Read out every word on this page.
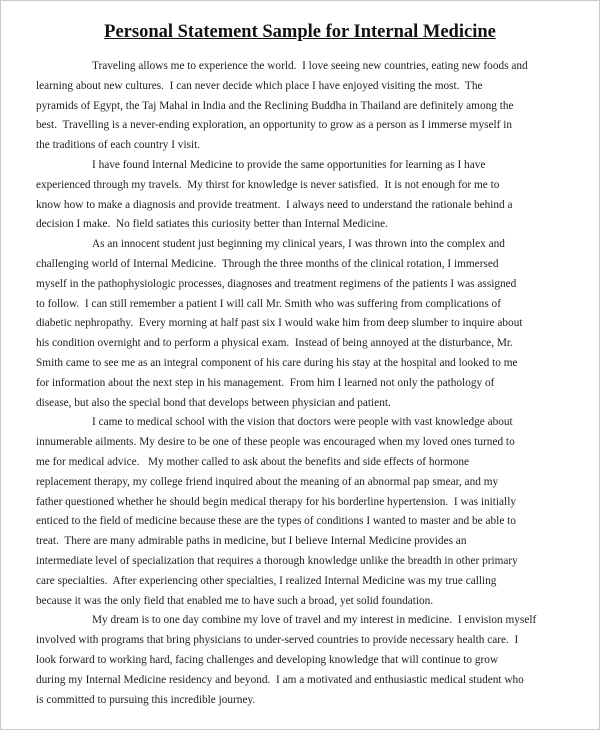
Personal Statement Sample for Internal Medicine
Traveling allows me to experience the world.  I love seeing new countries, eating new foods and
learning about new cultures.  I can never decide which place I have enjoyed visiting the most.  The
pyramids of Egypt, the Taj Mahal in India and the Reclining Buddha in Thailand are definitely among the
best.  Travelling is a never-ending exploration, an opportunity to grow as a person as I immerse myself in
the traditions of each country I visit.
I have found Internal Medicine to provide the same opportunities for learning as I have
experienced through my travels.  My thirst for knowledge is never satisfied.  It is not enough for me to
know how to make a diagnosis and provide treatment.  I always need to understand the rationale behind a
decision I make.  No field satiates this curiosity better than Internal Medicine.
As an innocent student just beginning my clinical years, I was thrown into the complex and
challenging world of Internal Medicine.  Through the three months of the clinical rotation, I immersed
myself in the pathophysiologic processes, diagnoses and treatment regimens of the patients I was assigned
to follow.  I can still remember a patient I will call Mr. Smith who was suffering from complications of
diabetic nephropathy.  Every morning at half past six I would wake him from deep slumber to inquire about
his condition overnight and to perform a physical exam.  Instead of being annoyed at the disturbance, Mr.
Smith came to see me as an integral component of his care during his stay at the hospital and looked to me
for information about the next step in his management.  From him I learned not only the pathology of
disease, but also the special bond that develops between physician and patient.
I came to medical school with the vision that doctors were people with vast knowledge about
innumerable ailments. My desire to be one of these people was encouraged when my loved ones turned to
me for medical advice.   My mother called to ask about the benefits and side effects of hormone
replacement therapy, my college friend inquired about the meaning of an abnormal pap smear, and my
father questioned whether he should begin medical therapy for his borderline hypertension.  I was initially
enticed to the field of medicine because these are the types of conditions I wanted to master and be able to
treat.  There are many admirable paths in medicine, but I believe Internal Medicine provides an
intermediate level of specialization that requires a thorough knowledge unlike the breadth in other primary
care specialties.  After experiencing other specialties, I realized Internal Medicine was my true calling
because it was the only field that enabled me to have such a broad, yet solid foundation.
My dream is to one day combine my love of travel and my interest in medicine.  I envision myself
involved with programs that bring physicians to under-served countries to provide necessary health care.  I
look forward to working hard, facing challenges and developing knowledge that will continue to grow
during my Internal Medicine residency and beyond.  I am a motivated and enthusiastic medical student who
is committed to pursuing this incredible journey.
